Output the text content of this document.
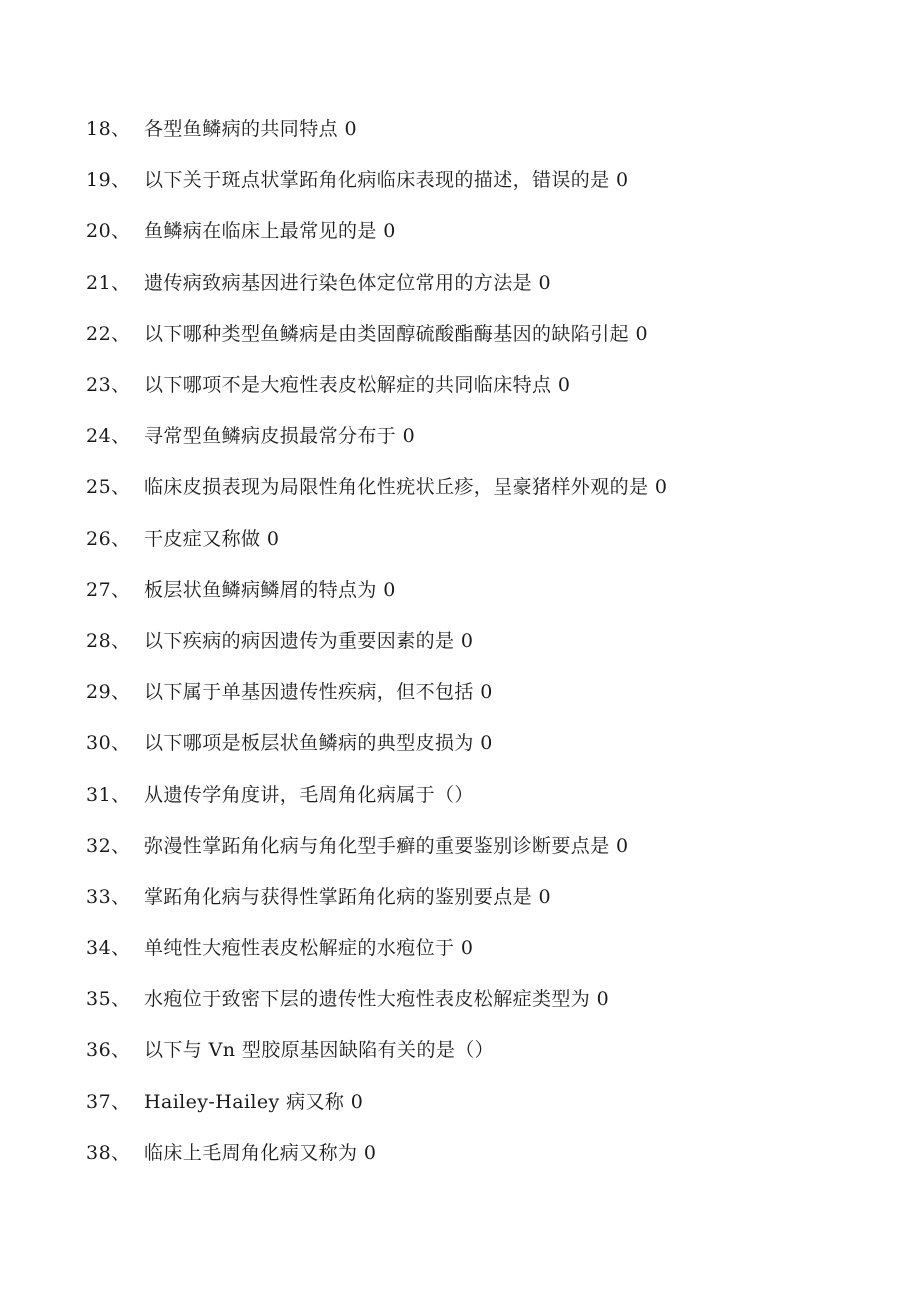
18、 各型鱼鳞病的共同特点 0
19、 以下关于斑点状掌跖角化病临床表现的描述，错误的是 0
20、 鱼鳞病在临床上最常见的是 0
21、 遗传病致病基因进行染色体定位常用的方法是 0
22、 以下哪种类型鱼鳞病是由类固醇硫酸酯酶基因的缺陷引起 0
23、 以下哪项不是大疱性表皮松解症的共同临床特点 0
24、 寻常型鱼鳞病皮损最常分布于 0
25、 临床皮损表现为局限性角化性疣状丘疹，呈豪猪样外观的是 0
26、 干皮症又称做 0
27、 板层状鱼鳞病鳞屑的特点为 0
28、 以下疾病的病因遗传为重要因素的是 0
29、 以下属于单基因遗传性疾病，但不包括 0
30、 以下哪项是板层状鱼鳞病的典型皮损为 0
31、 从遗传学角度讲，毛周角化病属于（）
32、 弥漫性掌跖角化病与角化型手癣的重要鉴别诊断要点是 0
33、 掌跖角化病与获得性掌跖角化病的鉴别要点是 0
34、 单纯性大疱性表皮松解症的水疱位于 0
35、 水疱位于致密下层的遗传性大疱性表皮松解症类型为 0
36、 以下与 Vn 型胶原基因缺陷有关的是（）
37、 Hailey-Hailey 病又称 0
38、 临床上毛周角化病又称为 0
